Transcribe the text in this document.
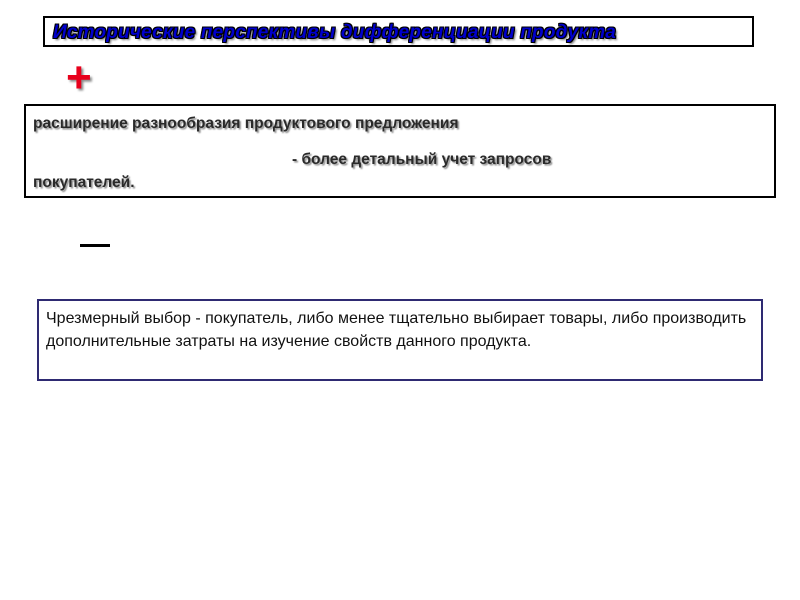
Исторические перспективы дифференциации продукта
+
расширение разнообразия продуктового предложения
- более детальный учет запросов
покупателей.
Чрезмерный выбор - покупатель, либо менее тщательно выбирает товары, либо производить дополнительные затраты на изучение свойств данного продукта.
